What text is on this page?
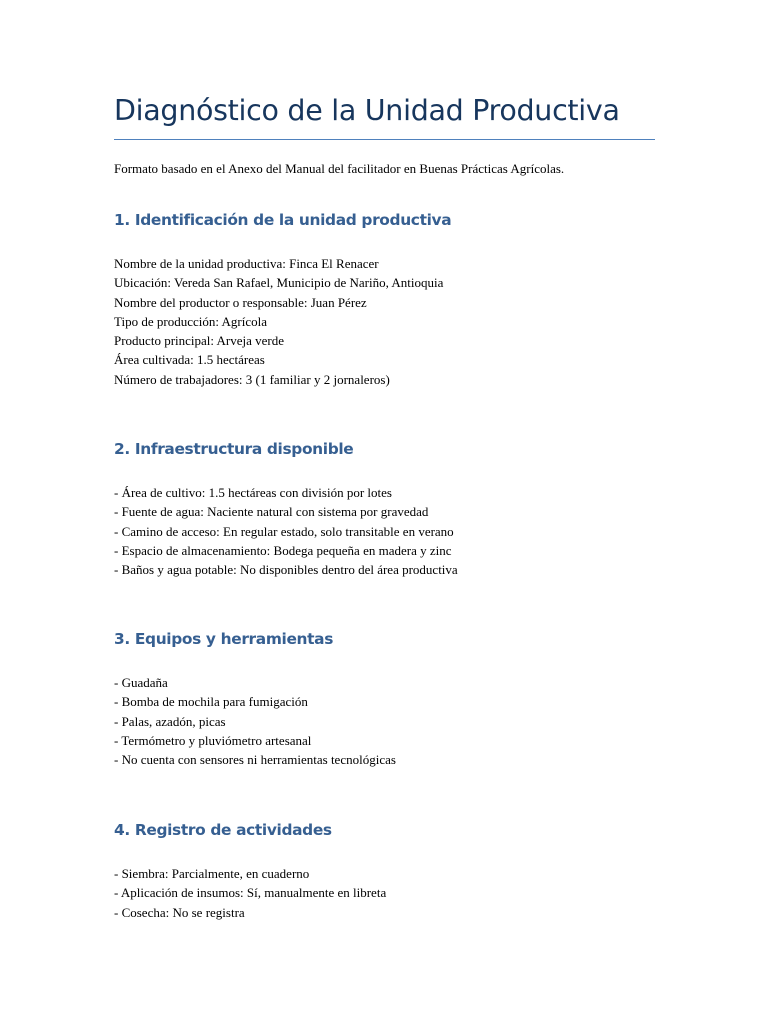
Diagnóstico de la Unidad Productiva

Formato basado en el Anexo del Manual del facilitador en Buenas Prácticas Agrícolas.

1. Identificación de la unidad productiva
Nombre de la unidad productiva: Finca El Renacer
Ubicación: Vereda San Rafael, Municipio de Nariño, Antioquia
Nombre del productor o responsable: Juan Pérez
Tipo de producción: Agrícola
Producto principal: Arveja verde
Área cultivada: 1.5 hectáreas
Número de trabajadores: 3 (1 familiar y 2 jornaleros)
2. Infraestructura disponible
- Área de cultivo: 1.5 hectáreas con división por lotes
- Fuente de agua: Naciente natural con sistema por gravedad
- Camino de acceso: En regular estado, solo transitable en verano
- Espacio de almacenamiento: Bodega pequeña en madera y zinc
- Baños y agua potable: No disponibles dentro del área productiva
3. Equipos y herramientas
- Guadaña
- Bomba de mochila para fumigación
- Palas, azadón, picas
- Termómetro y pluviómetro artesanal
- No cuenta con sensores ni herramientas tecnológicas
4. Registro de actividades
- Siembra: Parcialmente, en cuaderno
- Aplicación de insumos: Sí, manualmente en libreta
- Cosecha: No se registra
